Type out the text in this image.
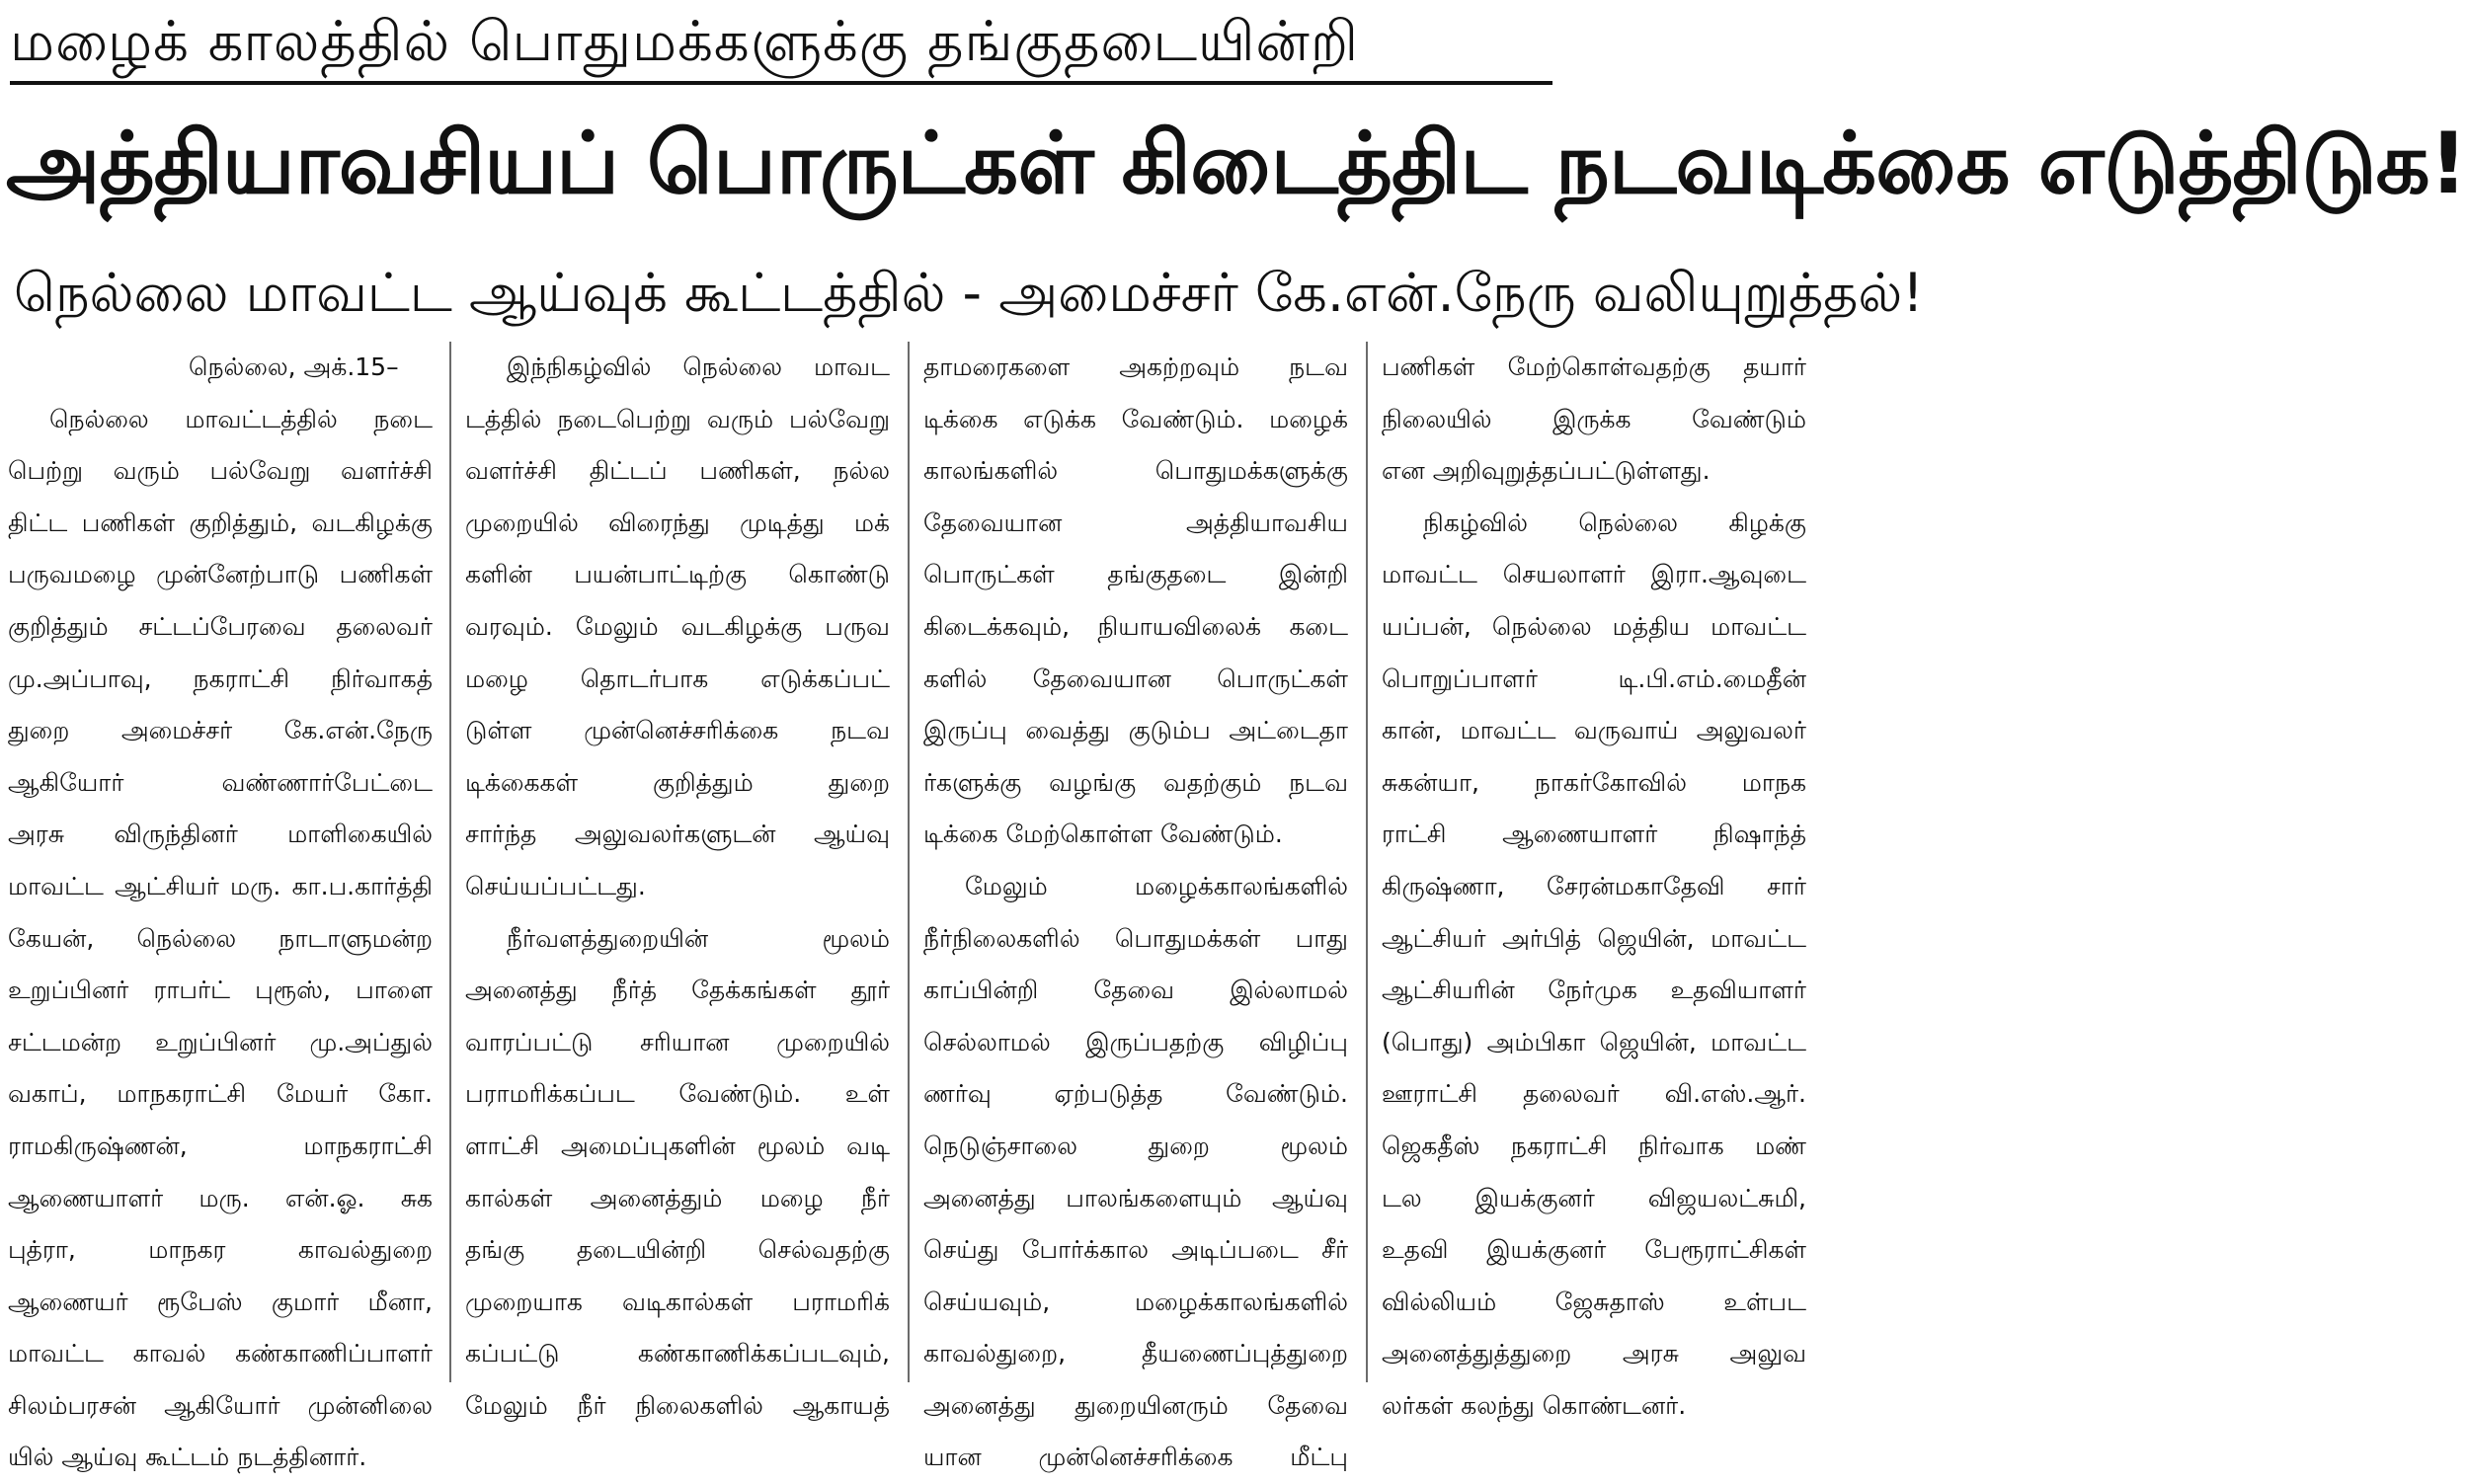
மழைக் காலத்தில் பொதுமக்களுக்கு தங்குதடையின்றி
அத்தியாவசியப் பொருட்கள் கிடைத்திட நடவடிக்கை எடுத்திடுக!
நெல்லை மாவட்ட ஆய்வுக் கூட்டத்தில் - அமைச்சர் கே.என்.நேரு வலியுறுத்தல்!
நெல்லை, அக்.15–
நெல்லை மாவட்டத்தில் நடை
பெற்று வரும் பல்வேறு வளர்ச்சி
திட்ட பணிகள் குறித்தும், வடகிழக்கு
பருவமழை முன்னேற்பாடு பணிகள்
குறித்தும் சட்டப்பேரவை தலைவர்
மு.அப்பாவு, நகராட்சி நிர்வாகத்
துறை அமைச்சர் கே.என்.நேரு
ஆகியோர் வண்ணார்பேட்டை
அரசு விருந்தினர் மாளிகையில்
மாவட்ட ஆட்சியர் மரு. கா.ப.கார்த்தி
கேயன், நெல்லை நாடாளுமன்ற
உறுப்பினர் ராபர்ட் புரூஸ், பாளை
சட்டமன்ற உறுப்பினர் மு.அப்துல்
வகாப், மாநகராட்சி மேயர் கோ.
ராமகிருஷ்ணன், மாநகராட்சி
ஆணையாளர் மரு. என்.ஓ. சுக
புத்ரா, மாநகர காவல்துறை
ஆணையர் ரூபேஸ் குமார் மீனா,
மாவட்ட காவல் கண்காணிப்பாளர்
சிலம்பரசன் ஆகியோர் முன்னிலை
யில் ஆய்வு கூட்டம் நடத்தினார்.
இந்நிகழ்வில் நெல்லை மாவட
டத்தில் நடைபெற்று வரும் பல்வேறு
வளர்ச்சி திட்டப் பணிகள், நல்ல
முறையில் விரைந்து முடித்து மக்
களின் பயன்பாட்டிற்கு கொண்டு
வரவும். மேலும் வடகிழக்கு பருவ
மழை தொடர்பாக எடுக்கப்பட்
டுள்ள முன்னெச்சரிக்கை நடவ
டிக்கைகள் குறித்தும் துறை
சார்ந்த அலுவலர்களுடன் ஆய்வு
செய்யப்பட்டது.
நீர்வளத்துறையின் மூலம்
அனைத்து நீர்த் தேக்கங்கள் தூர்
வாரப்பட்டு சரியான முறையில்
பராமரிக்கப்பட வேண்டும். உள்
ளாட்சி அமைப்புகளின் மூலம் வடி
கால்கள் அனைத்தும் மழை நீர்
தங்கு தடையின்றி செல்வதற்கு
முறையாக வடிகால்கள் பராமரிக்
கப்பட்டு கண்காணிக்கப்படவும்,
மேலும் நீர் நிலைகளில் ஆகாயத்
தாமரைகளை அகற்றவும் நடவ
டிக்கை எடுக்க வேண்டும். மழைக்
காலங்களில் பொதுமக்களுக்கு
தேவையான அத்தியாவசிய
பொருட்கள் தங்குதடை இன்றி
கிடைக்கவும், நியாயவிலைக் கடை
களில் தேவையான பொருட்கள்
இருப்பு வைத்து குடும்ப அட்டைதா
ர்களுக்கு வழங்கு வதற்கும் நடவ
டிக்கை மேற்கொள்ள வேண்டும்.
மேலும் மழைக்காலங்களில்
நீர்நிலைகளில் பொதுமக்கள் பாது
காப்பின்றி தேவை இல்லாமல்
செல்லாமல் இருப்பதற்கு விழிப்பு
ணர்வு ஏற்படுத்த வேண்டும்.
நெடுஞ்சாலை துறை மூலம்
அனைத்து பாலங்களையும் ஆய்வு
செய்து போர்க்கால அடிப்படை சீர்
செய்யவும், மழைக்காலங்களில்
காவல்துறை, தீயணைப்புத்துறை
அனைத்து துறையினரும் தேவை
யான முன்னெச்சரிக்கை மீட்பு
பணிகள் மேற்கொள்வதற்கு தயார்
நிலையில் இருக்க வேண்டும்
என அறிவுறுத்தப்பட்டுள்ளது.
நிகழ்வில் நெல்லை கிழக்கு
மாவட்ட செயலாளர் இரா.ஆவுடை
யப்பன், நெல்லை மத்திய மாவட்ட
பொறுப்பாளர் டி.பி.எம்.மைதீன்
கான், மாவட்ட வருவாய் அலுவலர்
சுகன்யா, நாகர்கோவில் மாநக
ராட்சி ஆணையாளர் நிஷாந்த்
கிருஷ்ணா, சேரன்மகாதேவி சார்
ஆட்சியர் அர்பித் ஜெயின், மாவட்ட
ஆட்சியரின் நேர்முக உதவியாளர்
(பொது) அம்பிகா ஜெயின், மாவட்ட
ஊராட்சி தலைவர் வி.எஸ்.ஆர்.
ஜெகதீஸ் நகராட்சி நிர்வாக மண்
டல இயக்குனர் விஜயலட்சுமி,
உதவி இயக்குனர் பேரூராட்சிகள்
வில்லியம் ஜேசுதாஸ் உள்பட
அனைத்துத்துறை அரசு அலுவ
லர்கள் கலந்து கொண்டனர்.
